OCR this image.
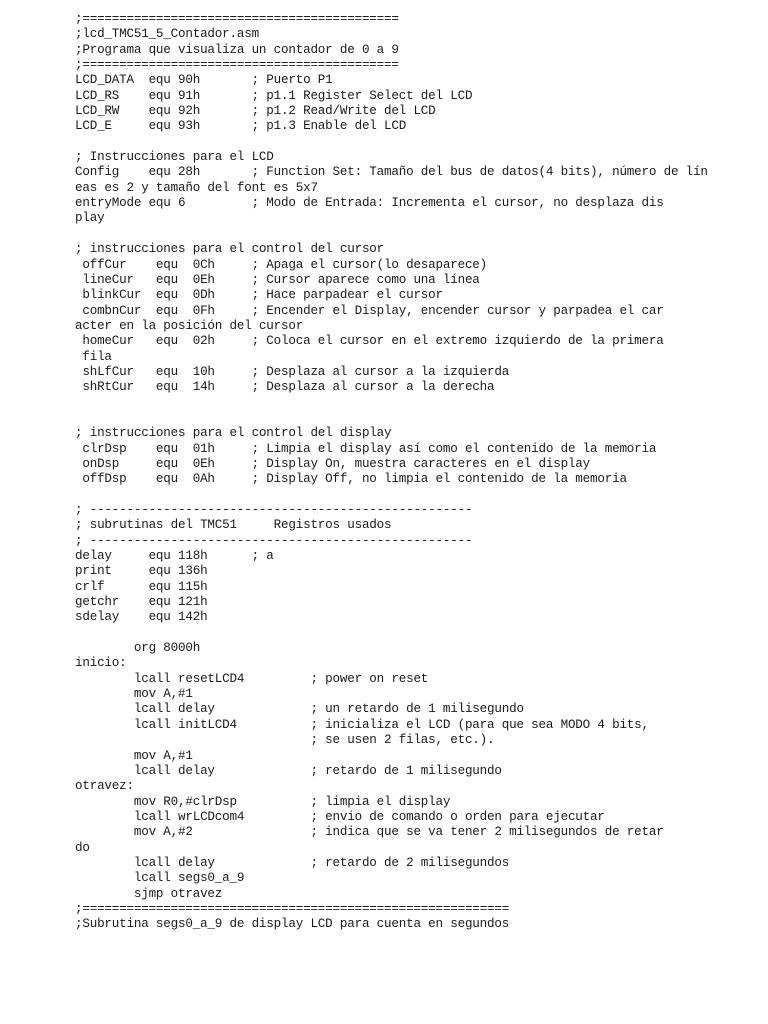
;===========================================
;lcd_TMC51_5_Contador.asm
;Programa que visualiza un contador de 0 a 9
;===========================================
LCD_DATA  equ 90h       ; Puerto P1
LCD_RS    equ 91h       ; p1.1 Register Select del LCD
LCD_RW    equ 92h       ; p1.2 Read/Write del LCD
LCD_E     equ 93h       ; p1.3 Enable del LCD
; Instrucciones para el LCD
Config    equ 28h       ; Function Set: Tamaño del bus de datos(4 bits), número de lín
eas es 2 y tamaño del font es 5x7
entryMode equ 6         ; Modo de Entrada: Incrementa el cursor, no desplaza dis
play
; instrucciones para el control del cursor
offCur    equ  0Ch     ; Apaga el cursor(lo desaparece)
lineCur   equ  0Eh     ; Cursor aparece como una línea
blinkCur  equ  0Dh     ; Hace parpadear el cursor
combnCur  equ  0Fh     ; Encender el Display, encender cursor y parpadea el car
acter en la posición del cursor
homeCur   equ  02h     ; Coloca el cursor en el extremo izquierdo de la primera
fila
shLfCur   equ  10h     ; Desplaza al cursor a la izquierda
shRtCur   equ  14h     ; Desplaza al cursor a la derecha
; instrucciones para el control del display
clrDsp    equ  01h     ; Limpia el display así como el contenido de la memoria
onDsp     equ  0Eh     ; Display On, muestra caracteres en el display
offDsp    equ  0Ah     ; Display Off, no limpia el contenido de la memoria
; ----------------------------------------------------
; subrutinas del TMC51     Registros usados
; ----------------------------------------------------
delay     equ 118h      ; a
print     equ 136h
crlf      equ 115h
getchr    equ 121h
sdelay    equ 142h
org 8000h
inicio:
lcall resetLCD4         ; power on reset
mov A,#1
lcall delay             ; un retardo de 1 milisegundo
lcall initLCD4          ; inicializa el LCD (para que sea MODO 4 bits,
; se usen 2 filas, etc.).
mov A,#1
lcall delay             ; retardo de 1 milisegundo
otravez:
mov R0,#clrDsp          ; limpia el display
lcall wrLCDcom4         ; envio de comando o orden para ejecutar
mov A,#2                ; indica que se va tener 2 milisegundos de retar
do
lcall delay             ; retardo de 2 milisegundos
lcall segs0_a_9
sjmp otravez
;==========================================================
;Subrutina segs0_a_9 de display LCD para cuenta en segundos
